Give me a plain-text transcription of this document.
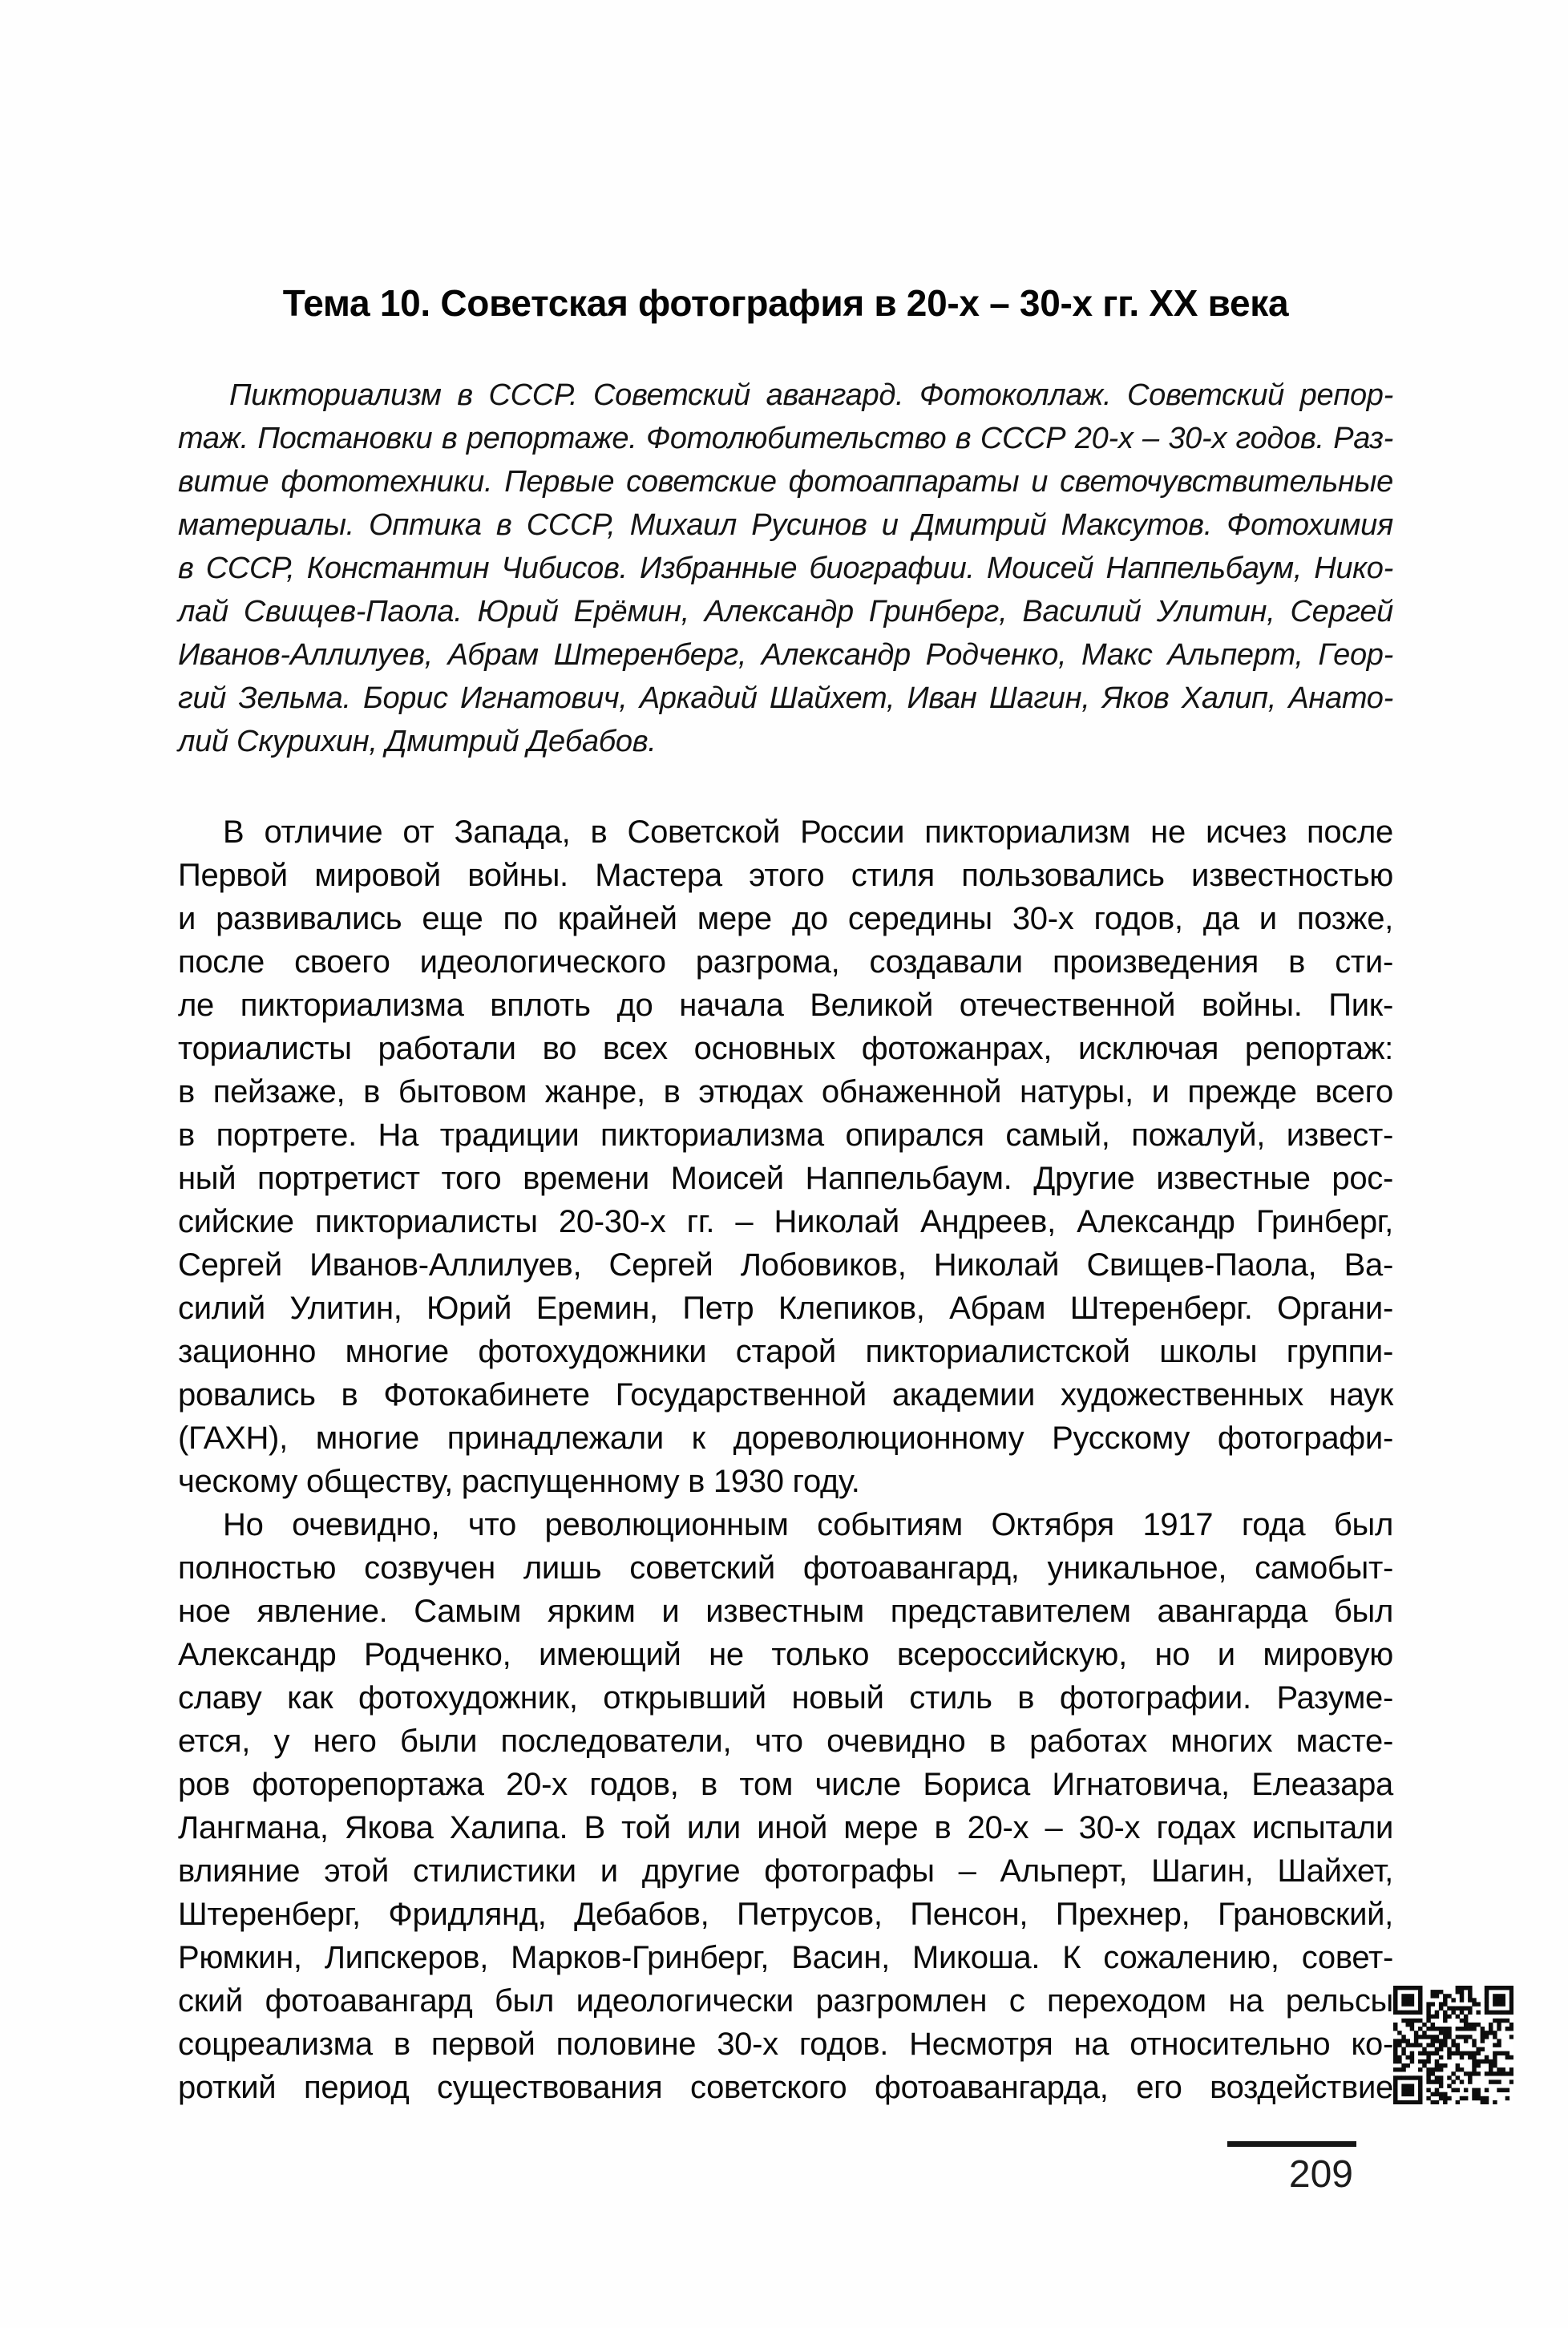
Тема 10. Советская фотография в 20-х – 30-х гг. ХХ века
Пикториализм в СССР. Советский авангард. Фотоколлаж. Советский репор-
таж. Постановки в репортаже. Фотолюбительство в СССР 20-х – 30-х годов. Раз-
витие фототехники. Первые советские фотоаппараты и светочувствительные
материалы. Оптика в СССР, Михаил Русинов и Дмитрий Максутов. Фотохимия
в СССР, Константин Чибисов. Избранные биографии. Моисей Наппельбаум, Нико-
лай Свищев-Паола. Юрий Ерёмин, Александр Гринберг, Василий Улитин, Сергей
Иванов-Аллилуев, Абрам Штеренберг, Александр Родченко, Макс Альперт, Геор-
гий Зельма. Борис Игнатович, Аркадий Шайхет, Иван Шагин, Яков Халип, Анато-
лий Скурихин, Дмитрий Дебабов.
В отличие от Запада, в Советской России пикториализм не исчез после
Первой мировой войны. Мастера этого стиля пользовались известностью
и развивались еще по крайней мере до середины 30-х годов, да и позже,
после своего идеологического разгрома, создавали произведения в сти-
ле пикториализма вплоть до начала Великой отечественной войны. Пик-
ториалисты работали во всех основных фотожанрах, исключая репортаж:
в пейзаже, в бытовом жанре, в этюдах обнаженной натуры, и прежде всего
в портрете. На традиции пикториализма опирался самый, пожалуй, извест-
ный портретист того времени Моисей Наппельбаум. Другие известные рос-
сийские пикториалисты 20-30-х гг. – Николай Андреев, Александр Гринберг,
Сергей Иванов-Аллилуев, Сергей Лобовиков, Николай Свищев-Паола, Ва-
силий Улитин, Юрий Еремин, Петр Клепиков, Абрам Штеренберг. Органи-
зационно многие фотохудожники старой пикториалистской школы группи-
ровались в Фотокабинете Государственной академии художественных наук
(ГАХН), многие принадлежали к дореволюционному Русскому фотографи-
ческому обществу, распущенному в 1930 году.
Но очевидно, что революционным событиям Октября 1917 года был
полностью созвучен лишь советский фотоавангард, уникальное, самобыт-
ное явление. Самым ярким и известным представителем авангарда был
Александр Родченко, имеющий не только всероссийскую, но и мировую
славу как фотохудожник, открывший новый стиль в фотографии. Разуме-
ется, у него были последователи, что очевидно в работах многих масте-
ров фоторепортажа 20-х годов, в том числе Бориса Игнатовича, Елеазара
Лангмана, Якова Халипа. В той или иной мере в 20-х – 30-х годах испытали
влияние этой стилистики и другие фотографы – Альперт, Шагин, Шайхет,
Штеренберг, Фридлянд, Дебабов, Петрусов, Пенсон, Прехнер, Грановский,
Рюмкин, Липскеров, Марков-Гринберг, Васин, Микоша. К сожалению, совет-
ский фотоавангард был идеологически разгромлен с переходом на рельсы
соцреализма в первой половине 30-х годов. Несмотря на относительно ко-
роткий период существования советского фотоавангарда, его воздействие
209
